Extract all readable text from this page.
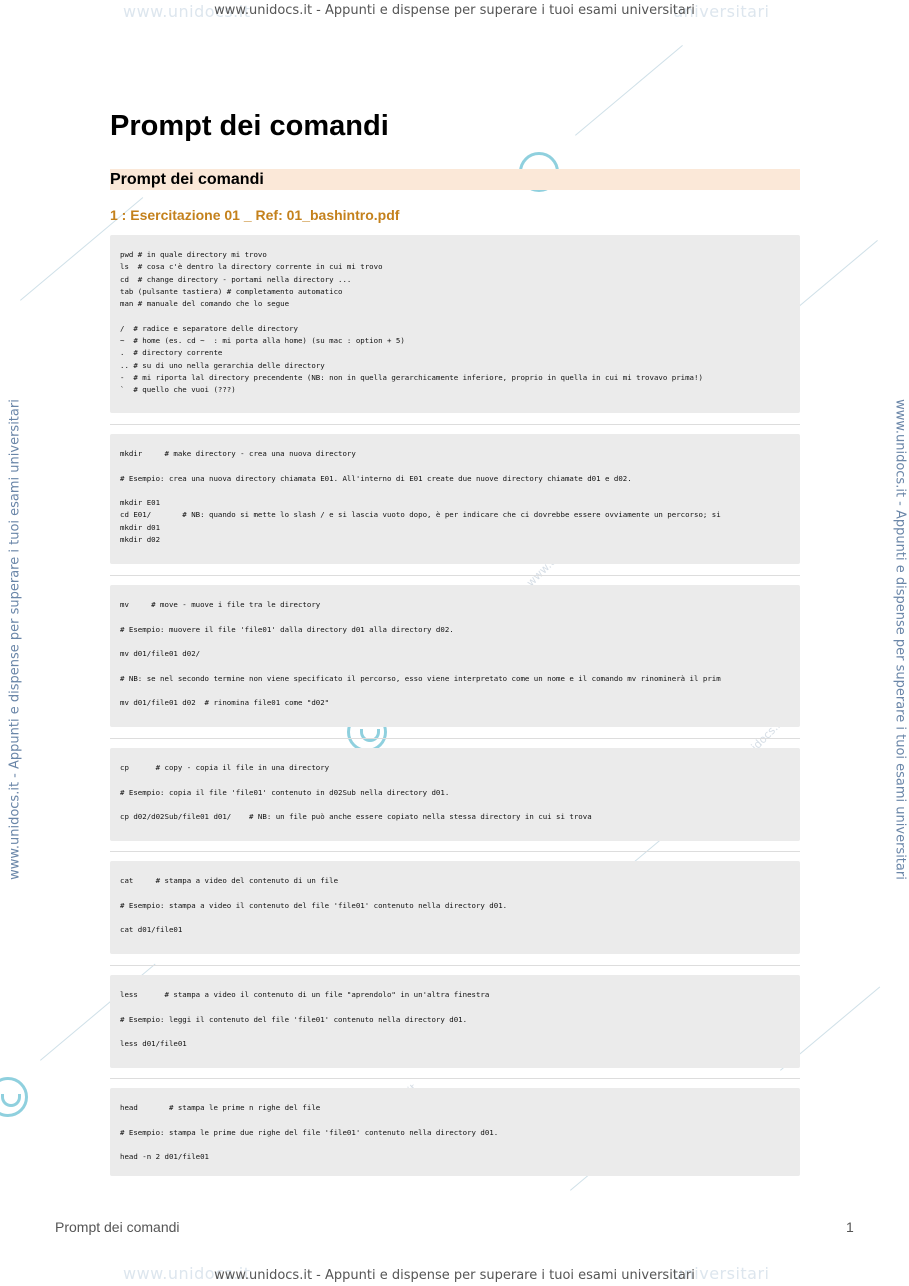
www.unidocs.it	universitari
www.unidocs.it	universitari
www.unidocs.it - Appunti e dispense per superare i tuoi esami universitari
www.unidocs.it - Appunti e dispense per superare i tuoi esami universitari
www.unidocs.it - Appunti e dispense per superare i tuoi esami universitari	www.unidocs.it - Appunti e dispense per superare i tuoi esami universitari
Prompt dei comandi
Prompt dei comandi
1 : Esercitazione 01 _ Ref: 01_bashintro.pdf
pwd # in quale directory mi trovo
ls  # cosa c'è dentro la directory corrente in cui mi trovo
cd  # change directory - portami nella directory ...
tab (pulsante tastiera) # completamento automatico
man # manuale del comando che lo segue

/  # radice e separatore delle directory
~  # home (es. cd ~  : mi porta alla home) (su mac : option + 5)
.  # directory corrente
.. # su di uno nella gerarchia delle directory
-  # mi riporta lal directory precendente (NB: non in quella gerarchicamente inferiore, proprio in quella in cui mi trovavo prima!)
`  # quello che vuoi (???)
mkdir     # make directory - crea una nuova directory

# Esempio: crea una nuova directory chiamata E01. All'interno di E01 create due nuove directory chiamate d01 e d02.

mkdir E01
cd E01/       # NB: quando si mette lo slash / e si lascia vuoto dopo, è per indicare che ci dovrebbe essere ovviamente un percorso; si
mkdir d01
mkdir d02
mv     # move - muove i file tra le directory

# Esempio: muovere il file 'file01' dalla directory d01 alla directory d02.

mv d01/file01 d02/

# NB: se nel secondo termine non viene specificato il percorso, esso viene interpretato come un nome e il comando mv rinominerà il prim

mv d01/file01 d02  # rinomina file01 come "d02"
cp      # copy - copia il file in una directory

# Esempio: copia il file 'file01' contenuto in d02Sub nella directory d01.

cp d02/d02Sub/file01 d01/    # NB: un file può anche essere copiato nella stessa directory in cui si trova
cat     # stampa a video del contenuto di un file

# Esempio: stampa a video il contenuto del file 'file01' contenuto nella directory d01.

cat d01/file01
less      # stampa a video il contenuto di un file "aprendolo" in un'altra finestra

# Esempio: leggi il contenuto del file 'file01' contenuto nella directory d01.

less d01/file01
head       # stampa le prime n righe del file

# Esempio: stampa le prime due righe del file 'file01' contenuto nella directory d01.

head -n 2 d01/file01
Prompt dei comandi	1
